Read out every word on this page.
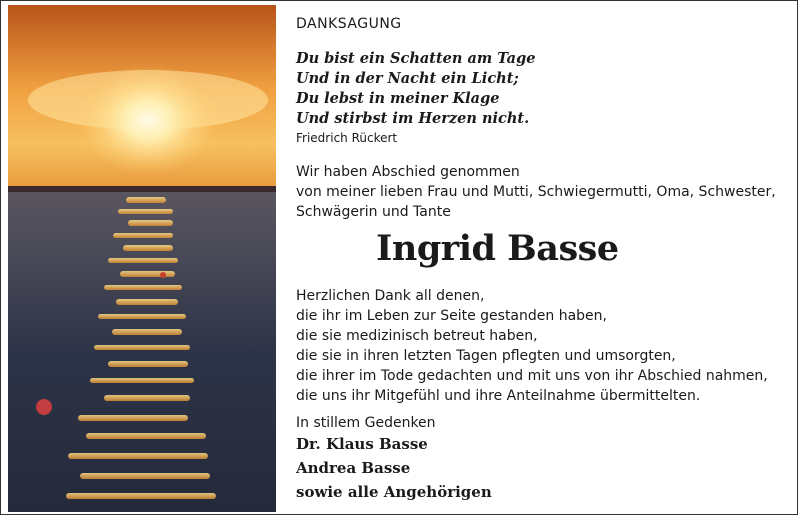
DANKSAGUNG
Du bist ein Schatten am Tage
Und in der Nacht ein Licht;
Du lebst in meiner Klage
Und stirbst im Herzen nicht.
Friedrich Rückert
Wir haben Abschied genommen
von meiner lieben Frau und Mutti, Schwiegermutti, Oma, Schwester,
Schwägerin und Tante
Ingrid Basse
Herzlichen Dank all denen,
die ihr im Leben zur Seite gestanden haben,
die sie medizinisch betreut haben,
die sie in ihren letzten Tagen pflegten und umsorgten,
die ihrer im Tode gedachten und mit uns von ihr Abschied nahmen,
die uns ihr Mitgefühl und ihre Anteilnahme übermittelten.
In stillem Gedenken
Dr. Klaus Basse
Andrea Basse
sowie alle Angehörigen
